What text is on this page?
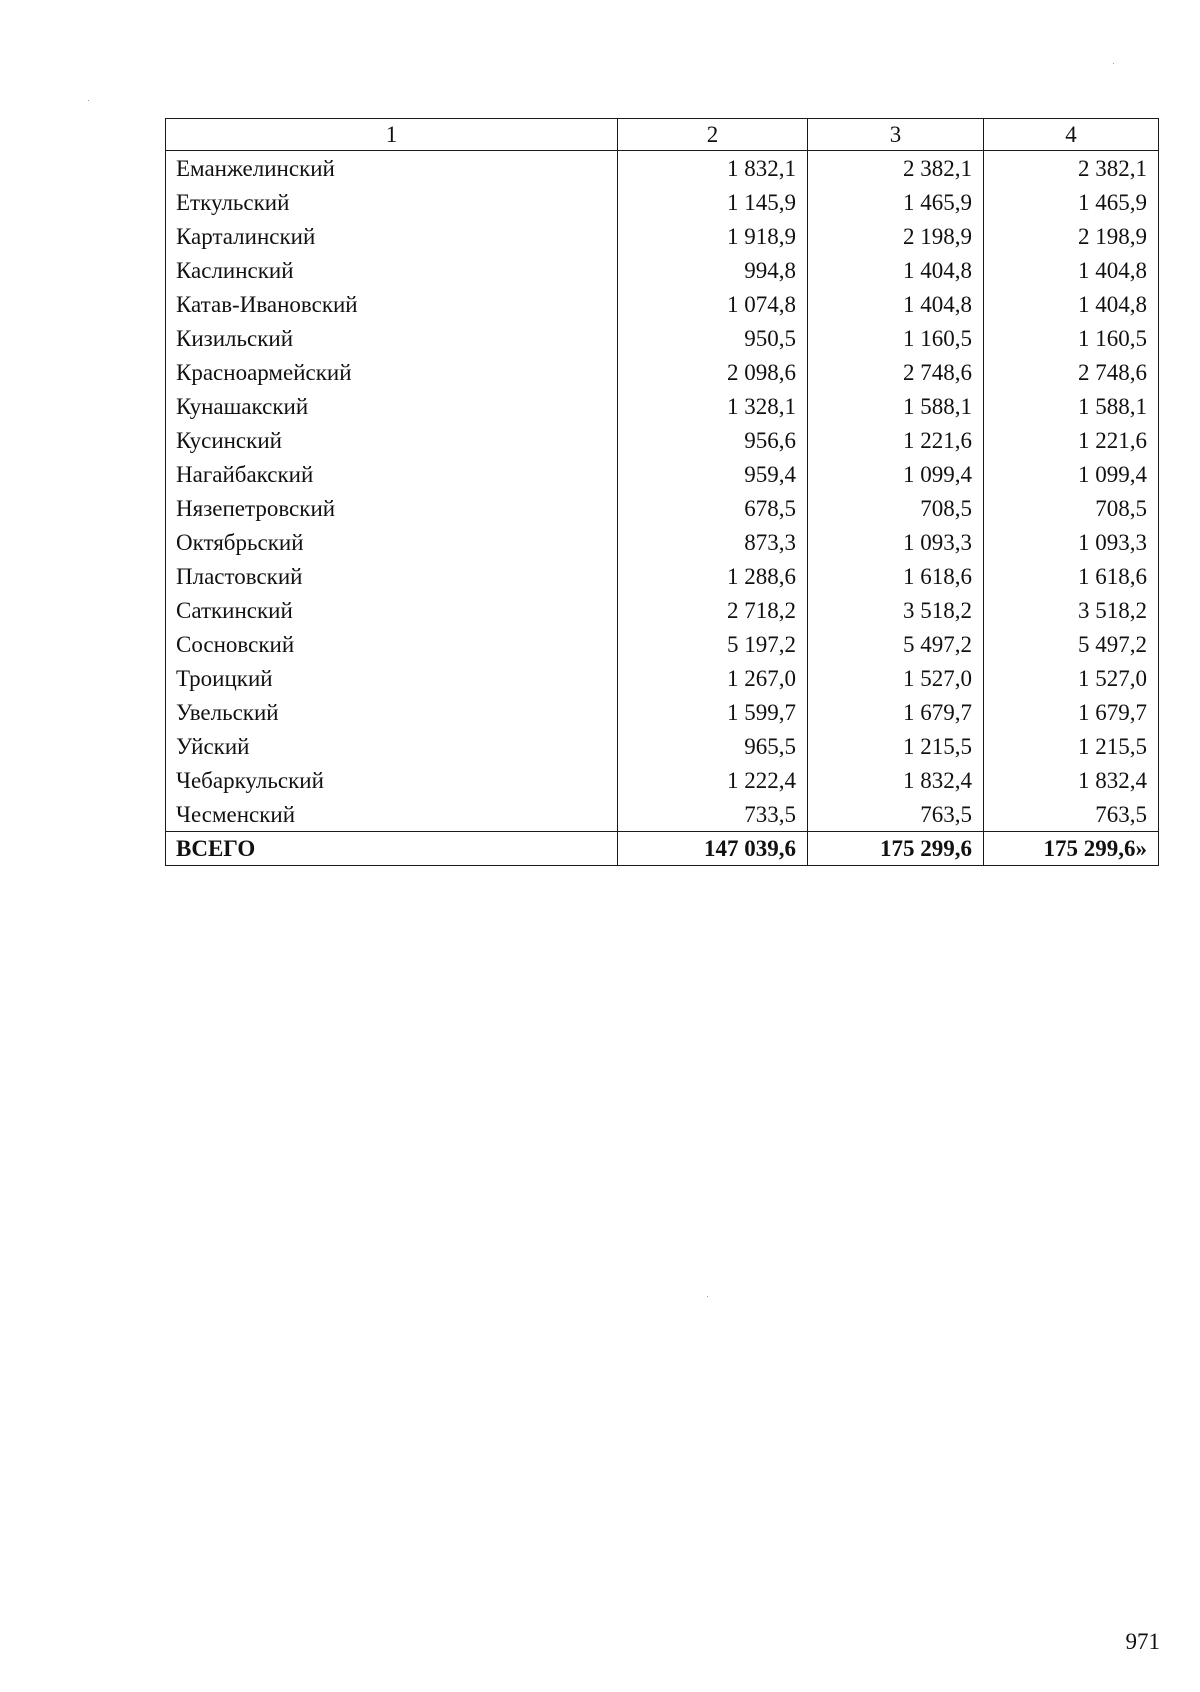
1	2	3	4
Еманжелинский	1 832,1	2 382,1	2 382,1
Еткульский	1 145,9	1 465,9	1 465,9
Карталинский	1 918,9	2 198,9	2 198,9
Каслинский	994,8	1 404,8	1 404,8
Катав-Ивановский	1 074,8	1 404,8	1 404,8
Кизильский	950,5	1 160,5	1 160,5
Красноармейский	2 098,6	2 748,6	2 748,6
Кунашакский	1 328,1	1 588,1	1 588,1
Кусинский	956,6	1 221,6	1 221,6
Нагайбакский	959,4	1 099,4	1 099,4
Нязепетровский	678,5	708,5	708,5
Октябрьский	873,3	1 093,3	1 093,3
Пластовский	1 288,6	1 618,6	1 618,6
Саткинский	2 718,2	3 518,2	3 518,2
Сосновский	5 197,2	5 497,2	5 497,2
Троицкий	1 267,0	1 527,0	1 527,0
Увельский	1 599,7	1 679,7	1 679,7
Уйский	965,5	1 215,5	1 215,5
Чебаркульский	1 222,4	1 832,4	1 832,4
Чесменский	733,5	763,5	763,5
ВСЕГО	147 039,6	175 299,6	175 299,6»
971
